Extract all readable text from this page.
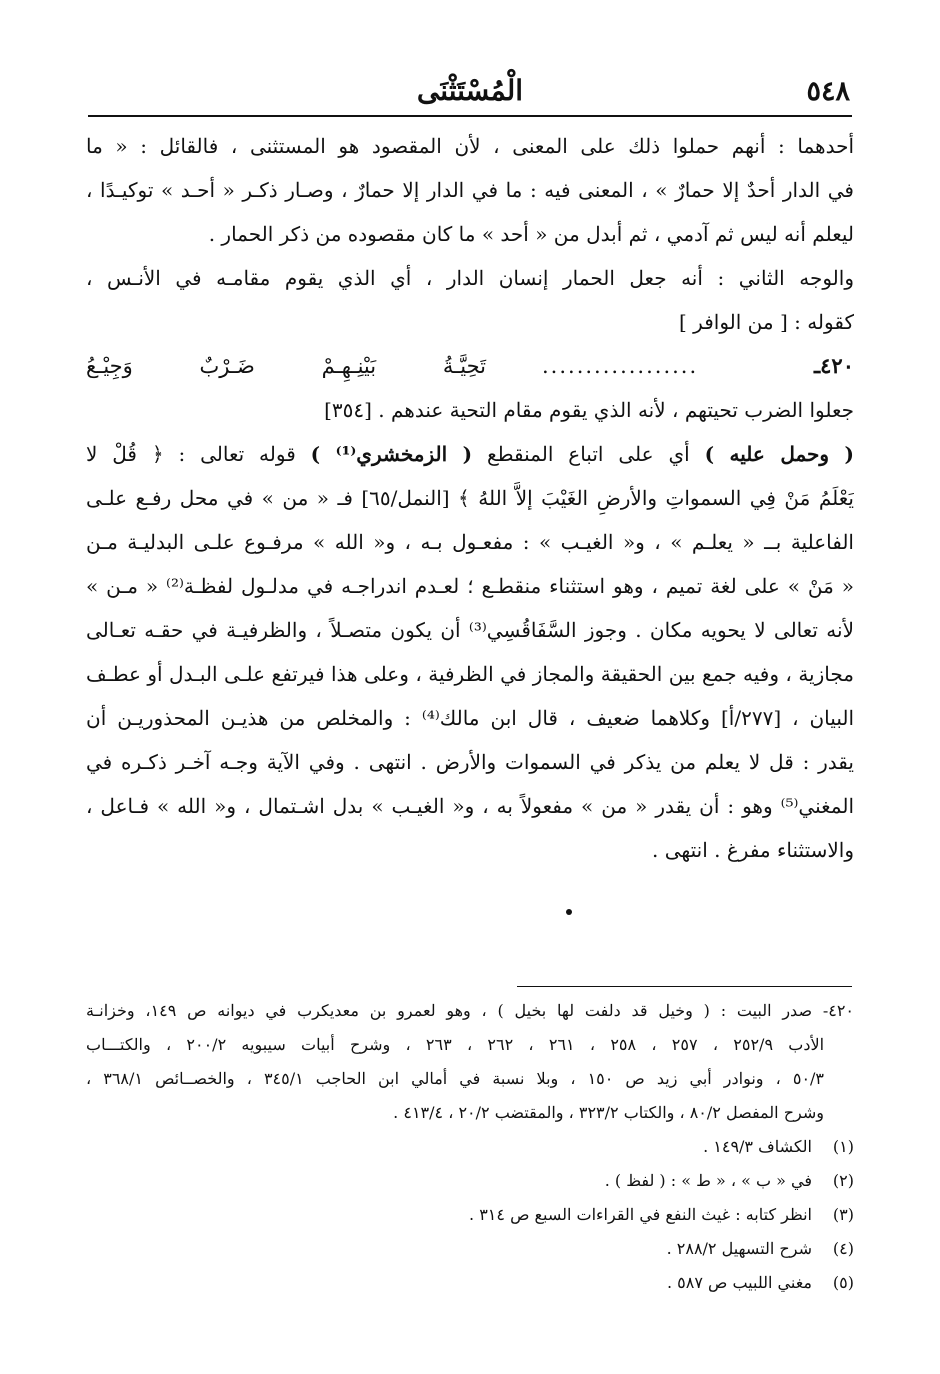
٥٤٨
الْمُسْتَثْنَى
أحدهما : أنهم حملوا ذلك على المعنى ، لأن المقصود هو المستثنى ، فالقائل : « ما
في الدار أحدٌ إلا حمارٌ » ، المعنى فيه : ما في الدار إلا حمارٌ ، وصـار ذكـر « أحـد » توكيـدًا ،
ليعلم أنه ليس ثم آدمي ، ثم أبدل من « أحد » ما كان مقصوده من ذكر الحمار .
والوجه الثاني : أنه جعل الحمار إنسان الدار ، أي الذي يقوم مقامـه في الأنـس ،
كقوله : [ من الوافر ]
٤٢٠ـ
..................
تَحِيَّـةُ بَيْنِـهِـمْ ضَـرْبٌ وَجِيْـعُ
جعلوا الضرب تحيتهم ، لأنه الذي يقوم مقام التحية عندهم . [٣٥٤]
( وحمل عليه ) أي على اتباع المنقطع ( الزمخشري⁽¹⁾ ) قوله تعالى : ﴿ قُلْ لا
يَعْلَمُ مَنْ فِي السمواتِ والأرضِ الغَيْبَ إلاَّ اللهُ ﴾ [النمل/٦٥] فـ « من » في محل رفـع علـى
الفاعلية بــ « يعلـم » ، و« الغيـب » : مفعـول بـه ، و« الله » مرفـوع علـى البدليـة مـن
« مَنْ » على لغة تميم ، وهو استثناء منقطـع ؛ لعـدم اندراجـه في مدلـول لفظـة⁽²⁾ « مـن »
لأنه تعالى لا يحويه مكان . وجوز السَّفَاقُسِي⁽³⁾ أن يكون متصـلاً ، والظرفيـة في حقـه تعـالى
مجازية ، وفيه جمع بين الحقيقة والمجاز في الظرفية ، وعلى هذا فيرتفع علـى البـدل أو عطـف
البيان ، [٢٧٧/أ] وكلاهما ضعيف ، قال ابن مالك⁽⁴⁾ : والمخلص من هذيـن المحذوريـن أن
يقدر : قل لا يعلم من يذكر في السموات والأرض . انتهى . وفي الآية وجـه آخـر ذكـره في
المغني⁽⁵⁾ وهو : أن يقدر « من » مفعولاً به ، و« الغيـب » بدل اشـتمال ، و« الله » فـاعل ،
والاستثناء مفرغ . انتهى .
٤٢٠- صدر البيت : ( وخيل قد دلفت لها بخيل ) ، وهو لعمرو بن معديكرب في ديوانه ص ١٤٩، وخزانـة
الأدب ٢٥٢/٩ ، ٢٥٧ ، ٢٥٨ ، ٢٦١ ، ٢٦٢ ، ٢٦٣ ، وشرح أبيات سيبويه ٢٠٠/٢ ، والكتـــاب
٥٠/٣ ، ونوادر أبي زيد ص ١٥٠ ، وبلا نسبة في أمالي ابن الحاجب ٣٤٥/١ ، والخصــائص ٣٦٨/١ ،
وشرح المفصل ٨٠/٢ ، والكتاب ٣٢٣/٢ ، والمقتضب ٢٠/٢ ، ٤١٣/٤ .
(١)الكشاف ١٤٩/٣ .
(٢)في « ب » ، « ط » : ( لفظ ) .
(٣)انظر كتابه : غيث النفع في القراءات السبع ص ٣١٤ .
(٤)شرح التسهيل ٢٨٨/٢ .
(٥)مغني اللبيب ص ٥٨٧ .
